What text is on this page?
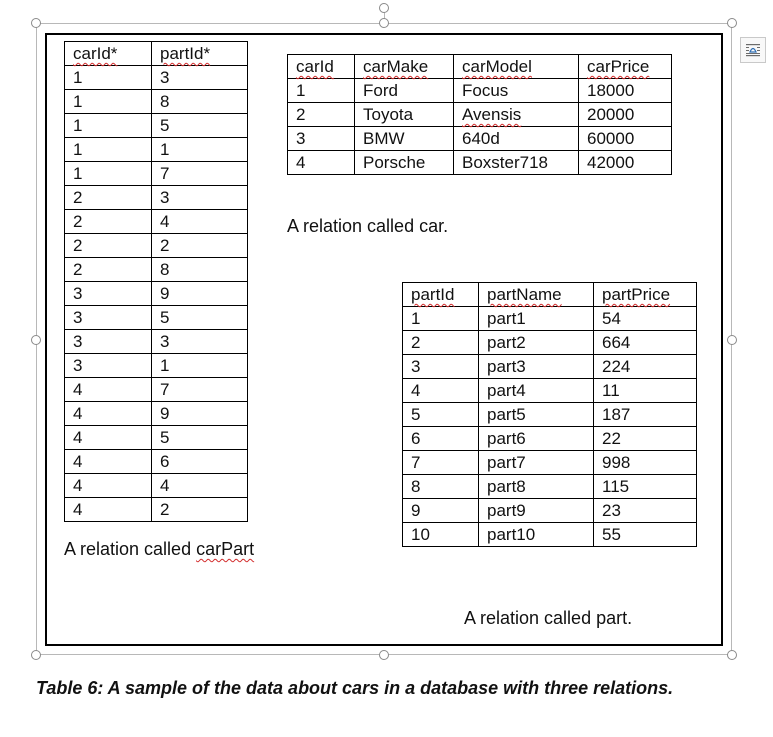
carId*	partId*
1	3
1	8
1	5
1	1
1	7
2	3
2	4
2	2
2	8
3	9
3	5
3	3
3	1
4	7
4	9
4	5
4	6
4	4
4	2
A relation called carPart
carId	carMake	carModel	carPrice
1	Ford	Focus	18000
2	Toyota	Avensis	20000
3	BMW	640d	60000
4	Porsche	Boxster718	42000
A relation called car.
partId	partName	partPrice
1	part1	54
2	part2	664
3	part3	224
4	part4	11
5	part5	187
6	part6	22
7	part7	998
8	part8	115
9	part9	23
10	part10	55
A relation called part.
Table 6: A sample of the data about cars in a database with three relations.
